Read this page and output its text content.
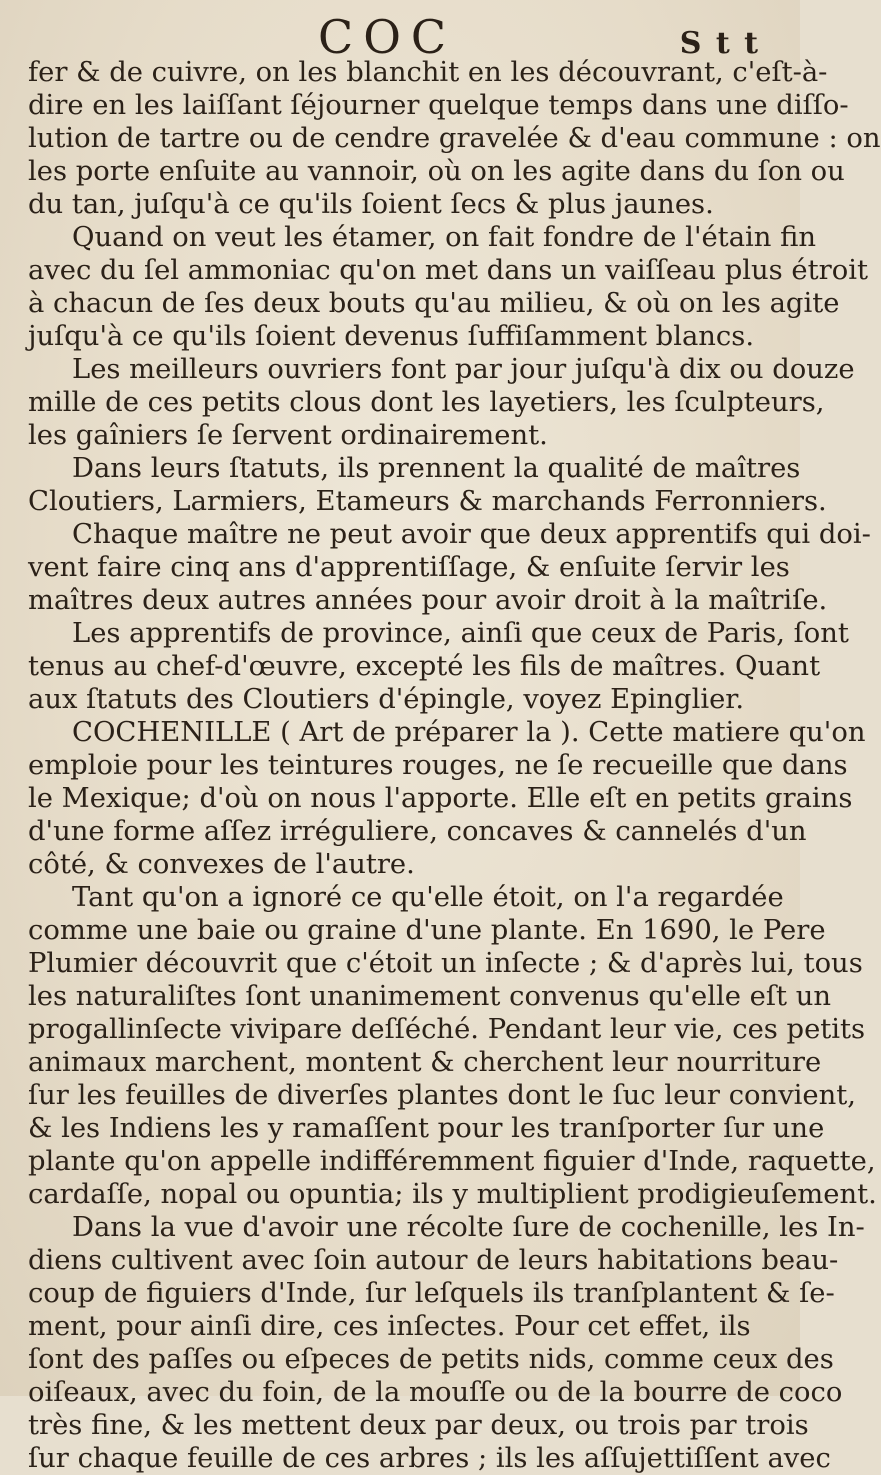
COC	S t t
fer & de cuivre, on les blanchit en les découvrant, c'eſt-à-
dire en les laiſſant ſéjourner quelque temps dans une diſſo-
lution de tartre ou de cendre gravelée & d'eau commune : on
les porte enſuite au vannoir, où on les agite dans du ſon ou
du tan, juſqu'à ce qu'ils ſoient ſecs & plus jaunes.
Quand on veut les étamer, on fait fondre de l'étain fin
avec du ſel ammoniac qu'on met dans un vaiſſeau plus étroit
à chacun de ſes deux bouts qu'au milieu, & où on les agite
juſqu'à ce qu'ils ſoient devenus ſuffiſamment blancs.
Les meilleurs ouvriers font par jour juſqu'à dix ou douze
mille de ces petits clous dont les layetiers, les ſculpteurs,
les gaîniers ſe ſervent ordinairement.
Dans leurs ſtatuts, ils prennent la qualité de maîtres
Cloutiers, Larmiers, Etameurs & marchands Ferronniers.
Chaque maître ne peut avoir que deux apprentifs qui doi-
vent faire cinq ans d'apprentiſſage, & enſuite ſervir les
maîtres deux autres années pour avoir droit à la maîtriſe.
Les apprentifs de province, ainſi que ceux de Paris, ſont
tenus au chef-d'œuvre, excepté les fils de maîtres. Quant
aux ſtatuts des Cloutiers d'épingle, voyez Epinglier.
COCHENILLE ( Art de préparer la ). Cette matiere qu'on
emploie pour les teintures rouges, ne ſe recueille que dans
le Mexique; d'où on nous l'apporte. Elle eſt en petits grains
d'une forme aſſez irréguliere, concaves & cannelés d'un
côté, & convexes de l'autre.
Tant qu'on a ignoré ce qu'elle étoit, on l'a regardée
comme une baie ou graine d'une plante. En 1690, le Pere
Plumier découvrit que c'étoit un inſecte ; & d'après lui, tous
les naturaliſtes ſont unanimement convenus qu'elle eſt un
progallinſecte vivipare deſſéché. Pendant leur vie, ces petits
animaux marchent, montent & cherchent leur nourriture
ſur les feuilles de diverſes plantes dont le ſuc leur convient,
& les Indiens les y ramaſſent pour les tranſporter ſur une
plante qu'on appelle indifféremment figuier d'Inde, raquette,
cardaſſe, nopal ou opuntia; ils y multiplient prodigieuſement.
Dans la vue d'avoir une récolte ſure de cochenille, les In-
diens cultivent avec ſoin autour de leurs habitations beau-
coup de figuiers d'Inde, ſur leſquels ils tranſplantent & ſe-
ment, pour ainſi dire, ces inſectes. Pour cet effet, ils
ſont des paſſes ou eſpeces de petits nids, comme ceux des
oiſeaux, avec du foin, de la mouſſe ou de la bourre de coco
très fine, & les mettent deux par deux, ou trois par trois
ſur chaque feuille de ces arbres ; ils les aſſujettiſſent avec
